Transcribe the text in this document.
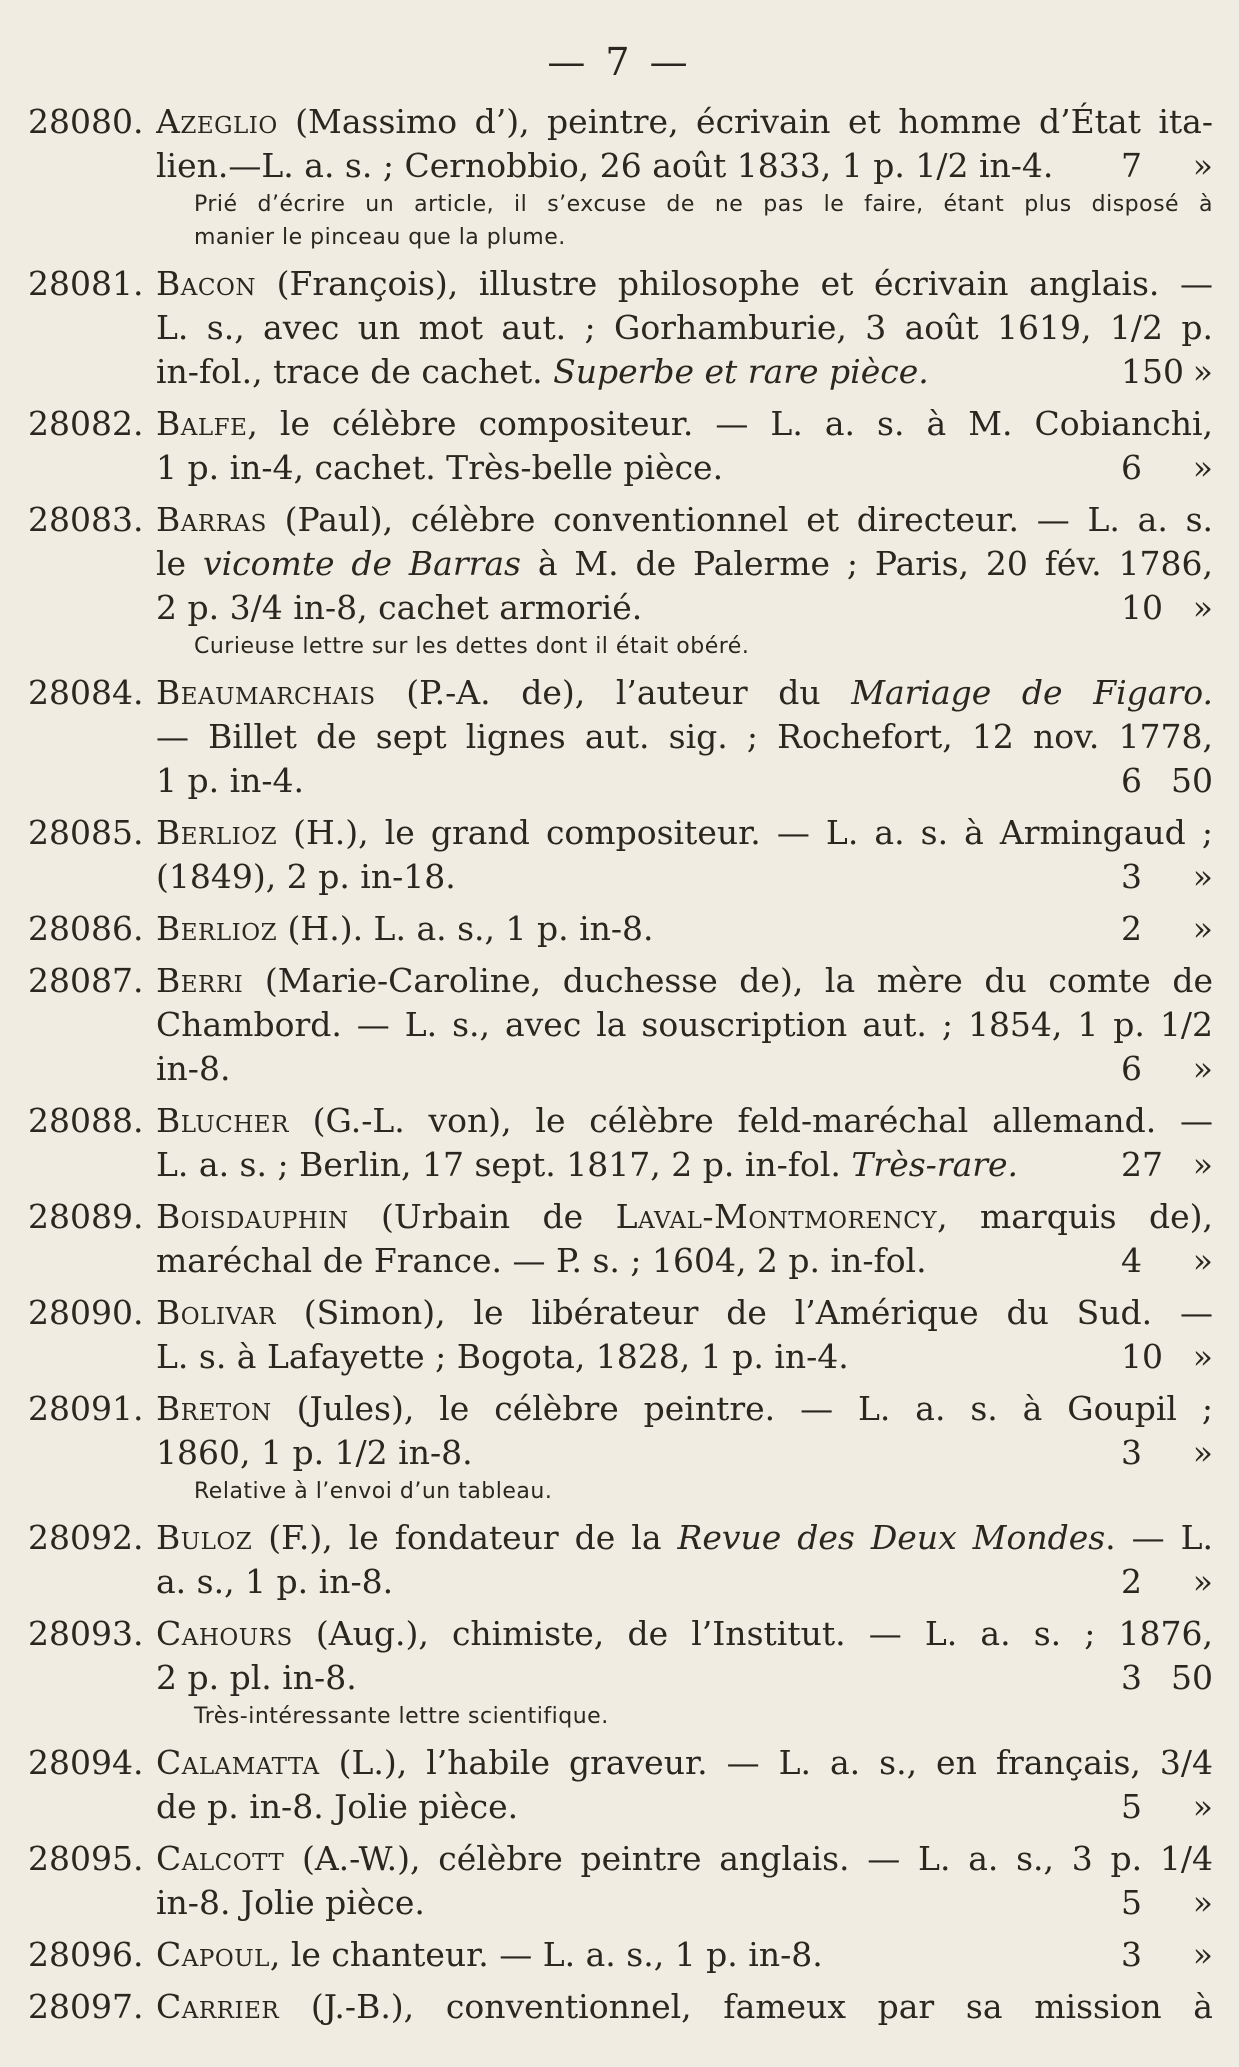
— 7 —
28080. Azeglio (Massimo d’), peintre, écrivain et homme d’État ita-
lien.—L. a. s. ; Cernobbio, 26 août 1833, 1 p. 1/2 in-4.	7 »
Prié d’écrire un article, il s’excuse de ne pas le faire, étant plus disposé à
manier le pinceau que la plume.
28081. Bacon (François), illustre philosophe et écrivain anglais. —
L. s., avec un mot aut. ; Gorhamburie, 3 août 1619, 1/2 p.
in-fol., trace de cachet. Superbe et rare pièce.	150 »
28082. Balfe, le célèbre compositeur. — L. a. s. à M. Cobianchi,
1 p. in-4, cachet. Très-belle pièce.	6 »
28083. Barras (Paul), célèbre conventionnel et directeur. — L. a. s.
le vicomte de Barras à M. de Palerme ; Paris, 20 fév. 1786,
2 p. 3/4 in-8, cachet armorié.	10 »
Curieuse lettre sur les dettes dont il était obéré.
28084. Beaumarchais (P.-A. de), l’auteur du Mariage de Figaro.
— Billet de sept lignes aut. sig. ; Rochefort, 12 nov. 1778,
1 p. in-4.	6 50
28085. Berlioz (H.), le grand compositeur. — L. a. s. à Armingaud ;
(1849), 2 p. in-18.	3 »
28086. Berlioz (H.). L. a. s., 1 p. in-8.	2 »
28087. Berri (Marie-Caroline, duchesse de), la mère du comte de
Chambord. — L. s., avec la souscription aut. ; 1854, 1 p. 1/2
in-8.	6 »
28088. Blucher (G.-L. von), le célèbre feld-maréchal allemand. —
L. a. s. ; Berlin, 17 sept. 1817, 2 p. in-fol. Très-rare.	27 »
28089. Boisdauphin (Urbain de Laval-Montmorency, marquis de),
maréchal de France. — P. s. ; 1604, 2 p. in-fol.	4 »
28090. Bolivar (Simon), le libérateur de l’Amérique du Sud. —
L. s. à Lafayette ; Bogota, 1828, 1 p. in-4.	10 »
28091. Breton (Jules), le célèbre peintre. — L. a. s. à Goupil ;
1860, 1 p. 1/2 in-8.	3 »
Relative à l’envoi d’un tableau.
28092. Buloz (F.), le fondateur de la Revue des Deux Mondes. — L.
a. s., 1 p. in-8.	2 »
28093. Cahours (Aug.), chimiste, de l’Institut. — L. a. s. ; 1876,
2 p. pl. in-8.	3 50
Très-intéressante lettre scientifique.
28094. Calamatta (L.), l’habile graveur. — L. a. s., en français, 3/4
de p. in-8. Jolie pièce.	5 »
28095. Calcott (A.-W.), célèbre peintre anglais. — L. a. s., 3 p. 1/4
in-8. Jolie pièce.	5 »
28096. Capoul, le chanteur. — L. a. s., 1 p. in-8.	3 »
28097. Carrier (J.-B.), conventionnel, fameux par sa mission à
